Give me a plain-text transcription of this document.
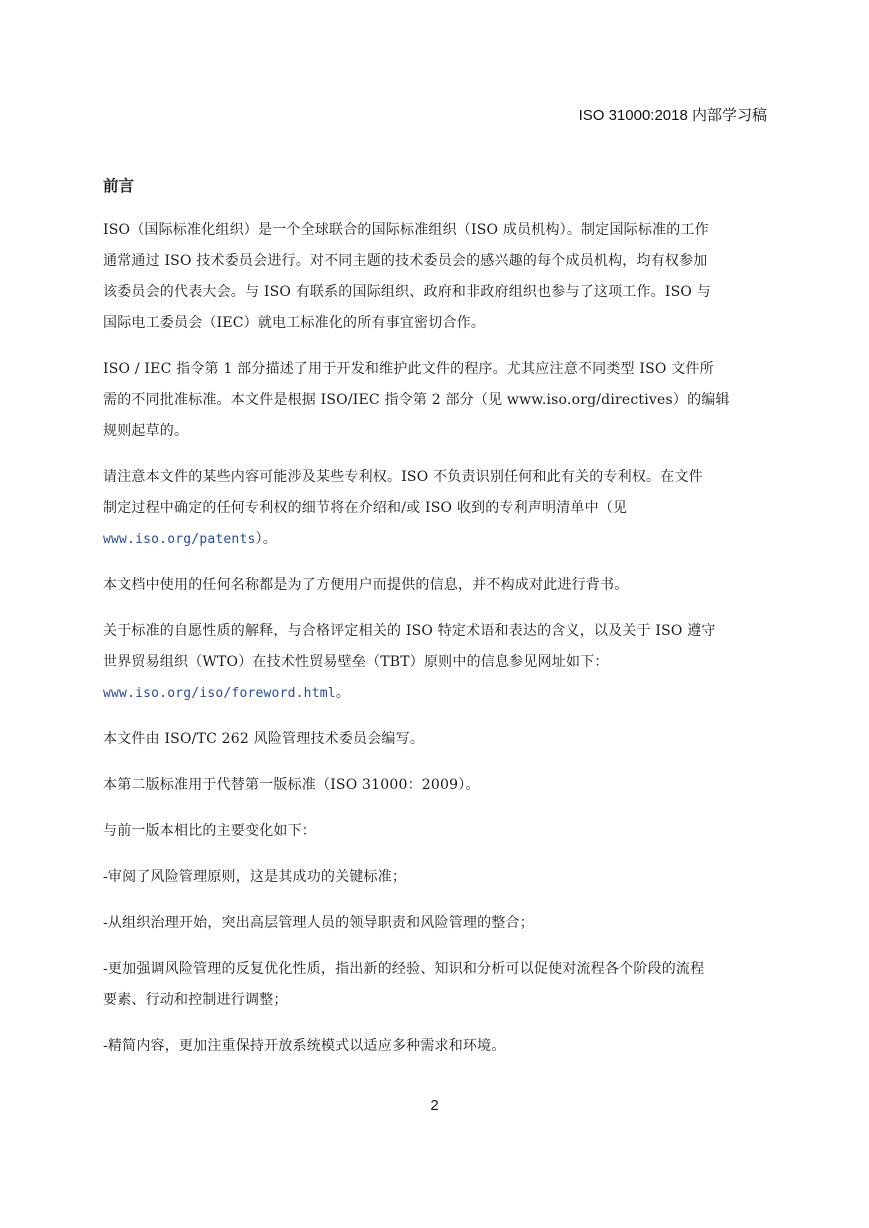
ISO 31000:2018 内部学习稿
前言

ISO（国际标准化组织）是一个全球联合的国际标准组织（ISO 成员机构）。制定国际标准的工作
通常通过 ISO 技术委员会进行。对不同主题的技术委员会的感兴趣的每个成员机构，均有权参加
该委员会的代表大会。与 ISO 有联系的国际组织、政府和非政府组织也参与了这项工作。ISO 与
国际电工委员会（IEC）就电工标准化的所有事宜密切合作。

ISO / IEC 指令第 1 部分描述了用于开发和维护此文件的程序。尤其应注意不同类型 ISO 文件所
需的不同批准标准。本文件是根据 ISO/IEC 指令第 2 部分（见 www.iso.org/directives）的编辑
规则起草的。

请注意本文件的某些内容可能涉及某些专利权。ISO 不负责识别任何和此有关的专利权。在文件
制定过程中确定的任何专利权的细节将在介绍和/或 ISO 收到的专利声明清单中（见
www.iso.org/patents）。

本文档中使用的任何名称都是为了方便用户而提供的信息，并不构成对此进行背书。

关于标准的自愿性质的解释，与合格评定相关的 ISO 特定术语和表达的含义，以及关于 ISO 遵守
世界贸易组织（WTO）在技术性贸易壁垒（TBT）原则中的信息参见网址如下：
www.iso.org/iso/foreword.html。

本文件由 ISO/TC 262 风险管理技术委员会编写。

本第二版标准用于代替第一版标准（ISO 31000：2009）。

与前一版本相比的主要变化如下：

-审阅了风险管理原则，这是其成功的关键标准；

-从组织治理开始，突出高层管理人员的领导职责和风险管理的整合；

-更加强调风险管理的反复优化性质，指出新的经验、知识和分析可以促使对流程各个阶段的流程
要素、行动和控制进行调整；

-精简内容，更加注重保持开放系统模式以适应多种需求和环境。

2
